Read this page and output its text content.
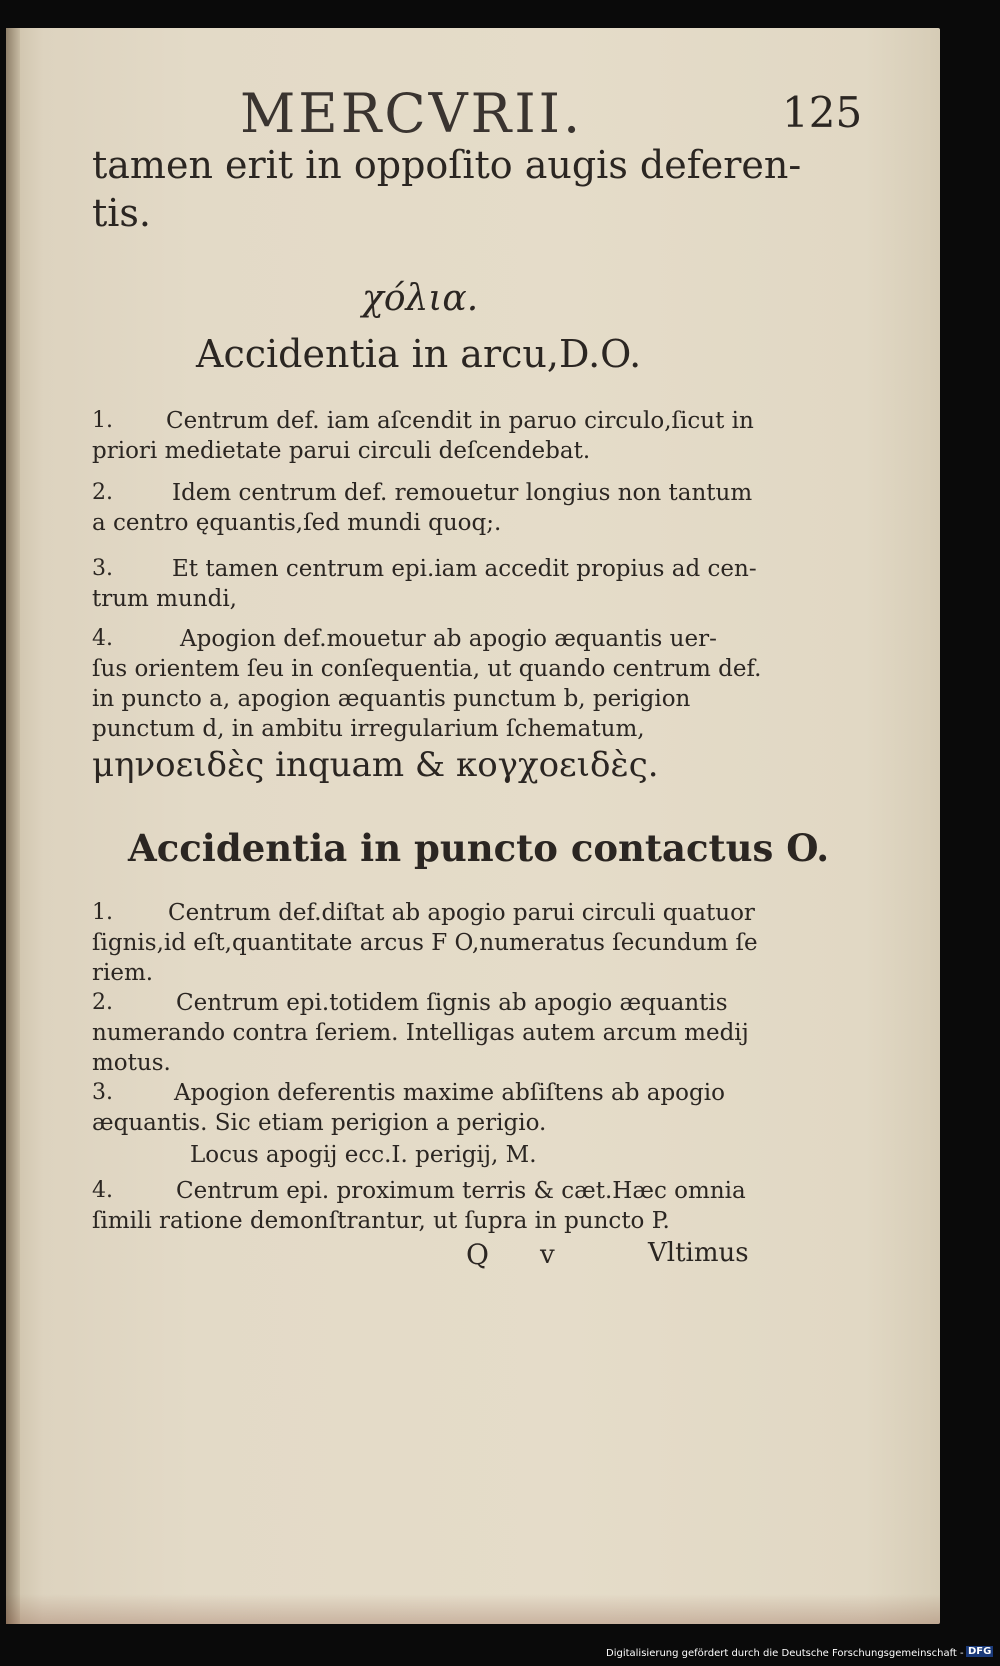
MERCVRII.	125
tamen erit in oppoſito augis deferen-
tis.
χόλια.
Accidentia in arcu,D.O.
1. Centrum def. iam aſcendit in paruo circulo,ſicut in
priori medietate parui circuli deſcendebat.
2.	Idem centrum def. remouetur longius non tantum
a centro ęquantis,ſed mundi quoq;.
3.	Et tamen centrum epi.iam accedit propius ad cen-
trum mundi,
4.	Apogion def.mouetur ab apogio æquantis uer-
ſus orientem ſeu in conſequentia, ut quando centrum def.
in puncto a, apogion æquantis punctum b, perigion
punctum d, in ambitu irregularium ſchematum,
μηνοειδὲς inquam & κογχοειδὲς.
Accidentia in puncto contactus O.
1. Centrum def.diſtat ab apogio parui circuli quatuor
ſignis,id eſt,quantitate arcus F O,numeratus ſecundum ſe
riem.
2.	Centrum epi.totidem ſignis ab apogio æquantis
numerando contra ſeriem. Intelligas autem arcum medij
motus.
3.	Apogion deferentis maxime abſiſtens ab apogio
æquantis. Sic etiam perigion a perigio.
Locus apogij ecc.I. perigij, M.
4.	Centrum epi. proximum terris & cæt.Hæc omnia
ſimili ratione demonſtrantur, ut ſupra in puncto P.
Q v	Vltimus
Digitalisierung gefördert durch die Deutsche Forschungsgemeinschaft - DFG
